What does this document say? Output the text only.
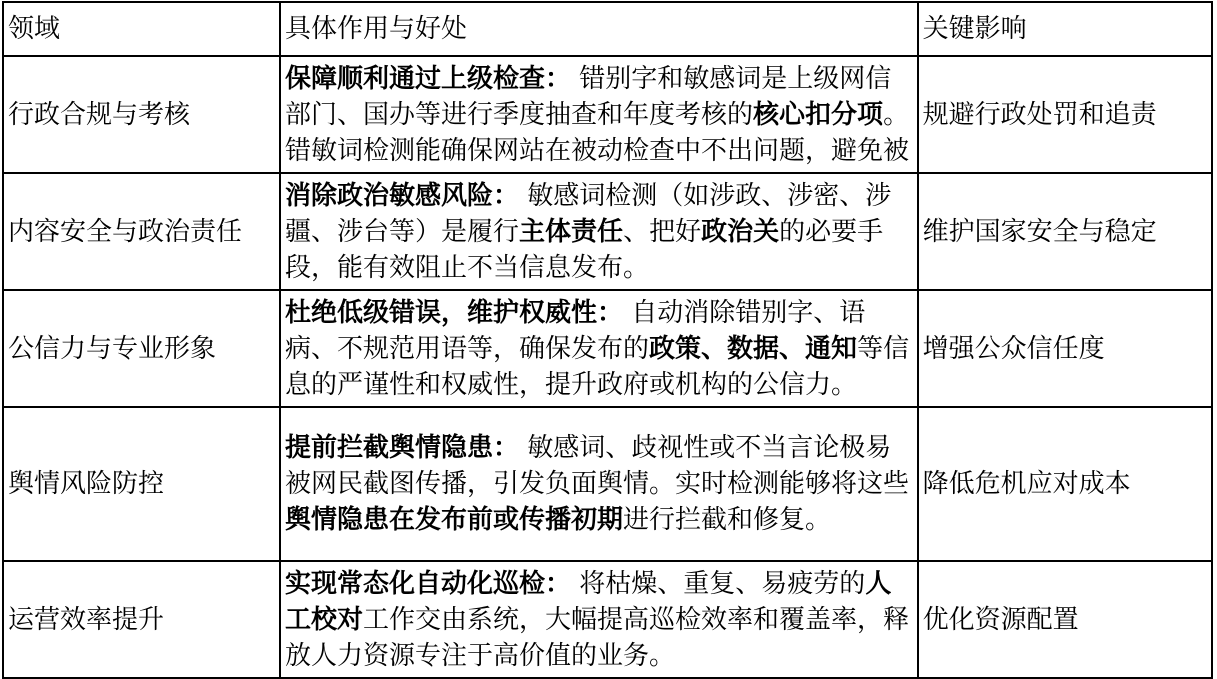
领域	具体作用与好处	关键影响
行政合规与考核	保障顺利通过上级检查： 错别字和敏感词是上级网信部门、国办等进行季度抽查和年度考核的核心扣分项。错敏词检测能确保网站在被动检查中不出问题，避免被	规避行政处罚和追责
内容安全与政治责任	消除政治敏感风险： 敏感词检测（如涉政、涉密、涉疆、涉台等）是履行主体责任、把好政治关的必要手段，能有效阻止不当信息发布。	维护国家安全与稳定
公信力与专业形象	杜绝低级错误，维护权威性： 自动消除错别字、语病、不规范用语等，确保发布的政策、数据、通知等信息的严谨性和权威性，提升政府或机构的公信力。	增强公众信任度
舆情风险防控	提前拦截舆情隐患： 敏感词、歧视性或不当言论极易被网民截图传播，引发负面舆情。实时检测能够将这些舆情隐患在发布前或传播初期进行拦截和修复。	降低危机应对成本
运营效率提升	实现常态化自动化巡检： 将枯燥、重复、易疲劳的人工校对工作交由系统，大幅提高巡检效率和覆盖率，释放人力资源专注于高价值的业务。	优化资源配置
